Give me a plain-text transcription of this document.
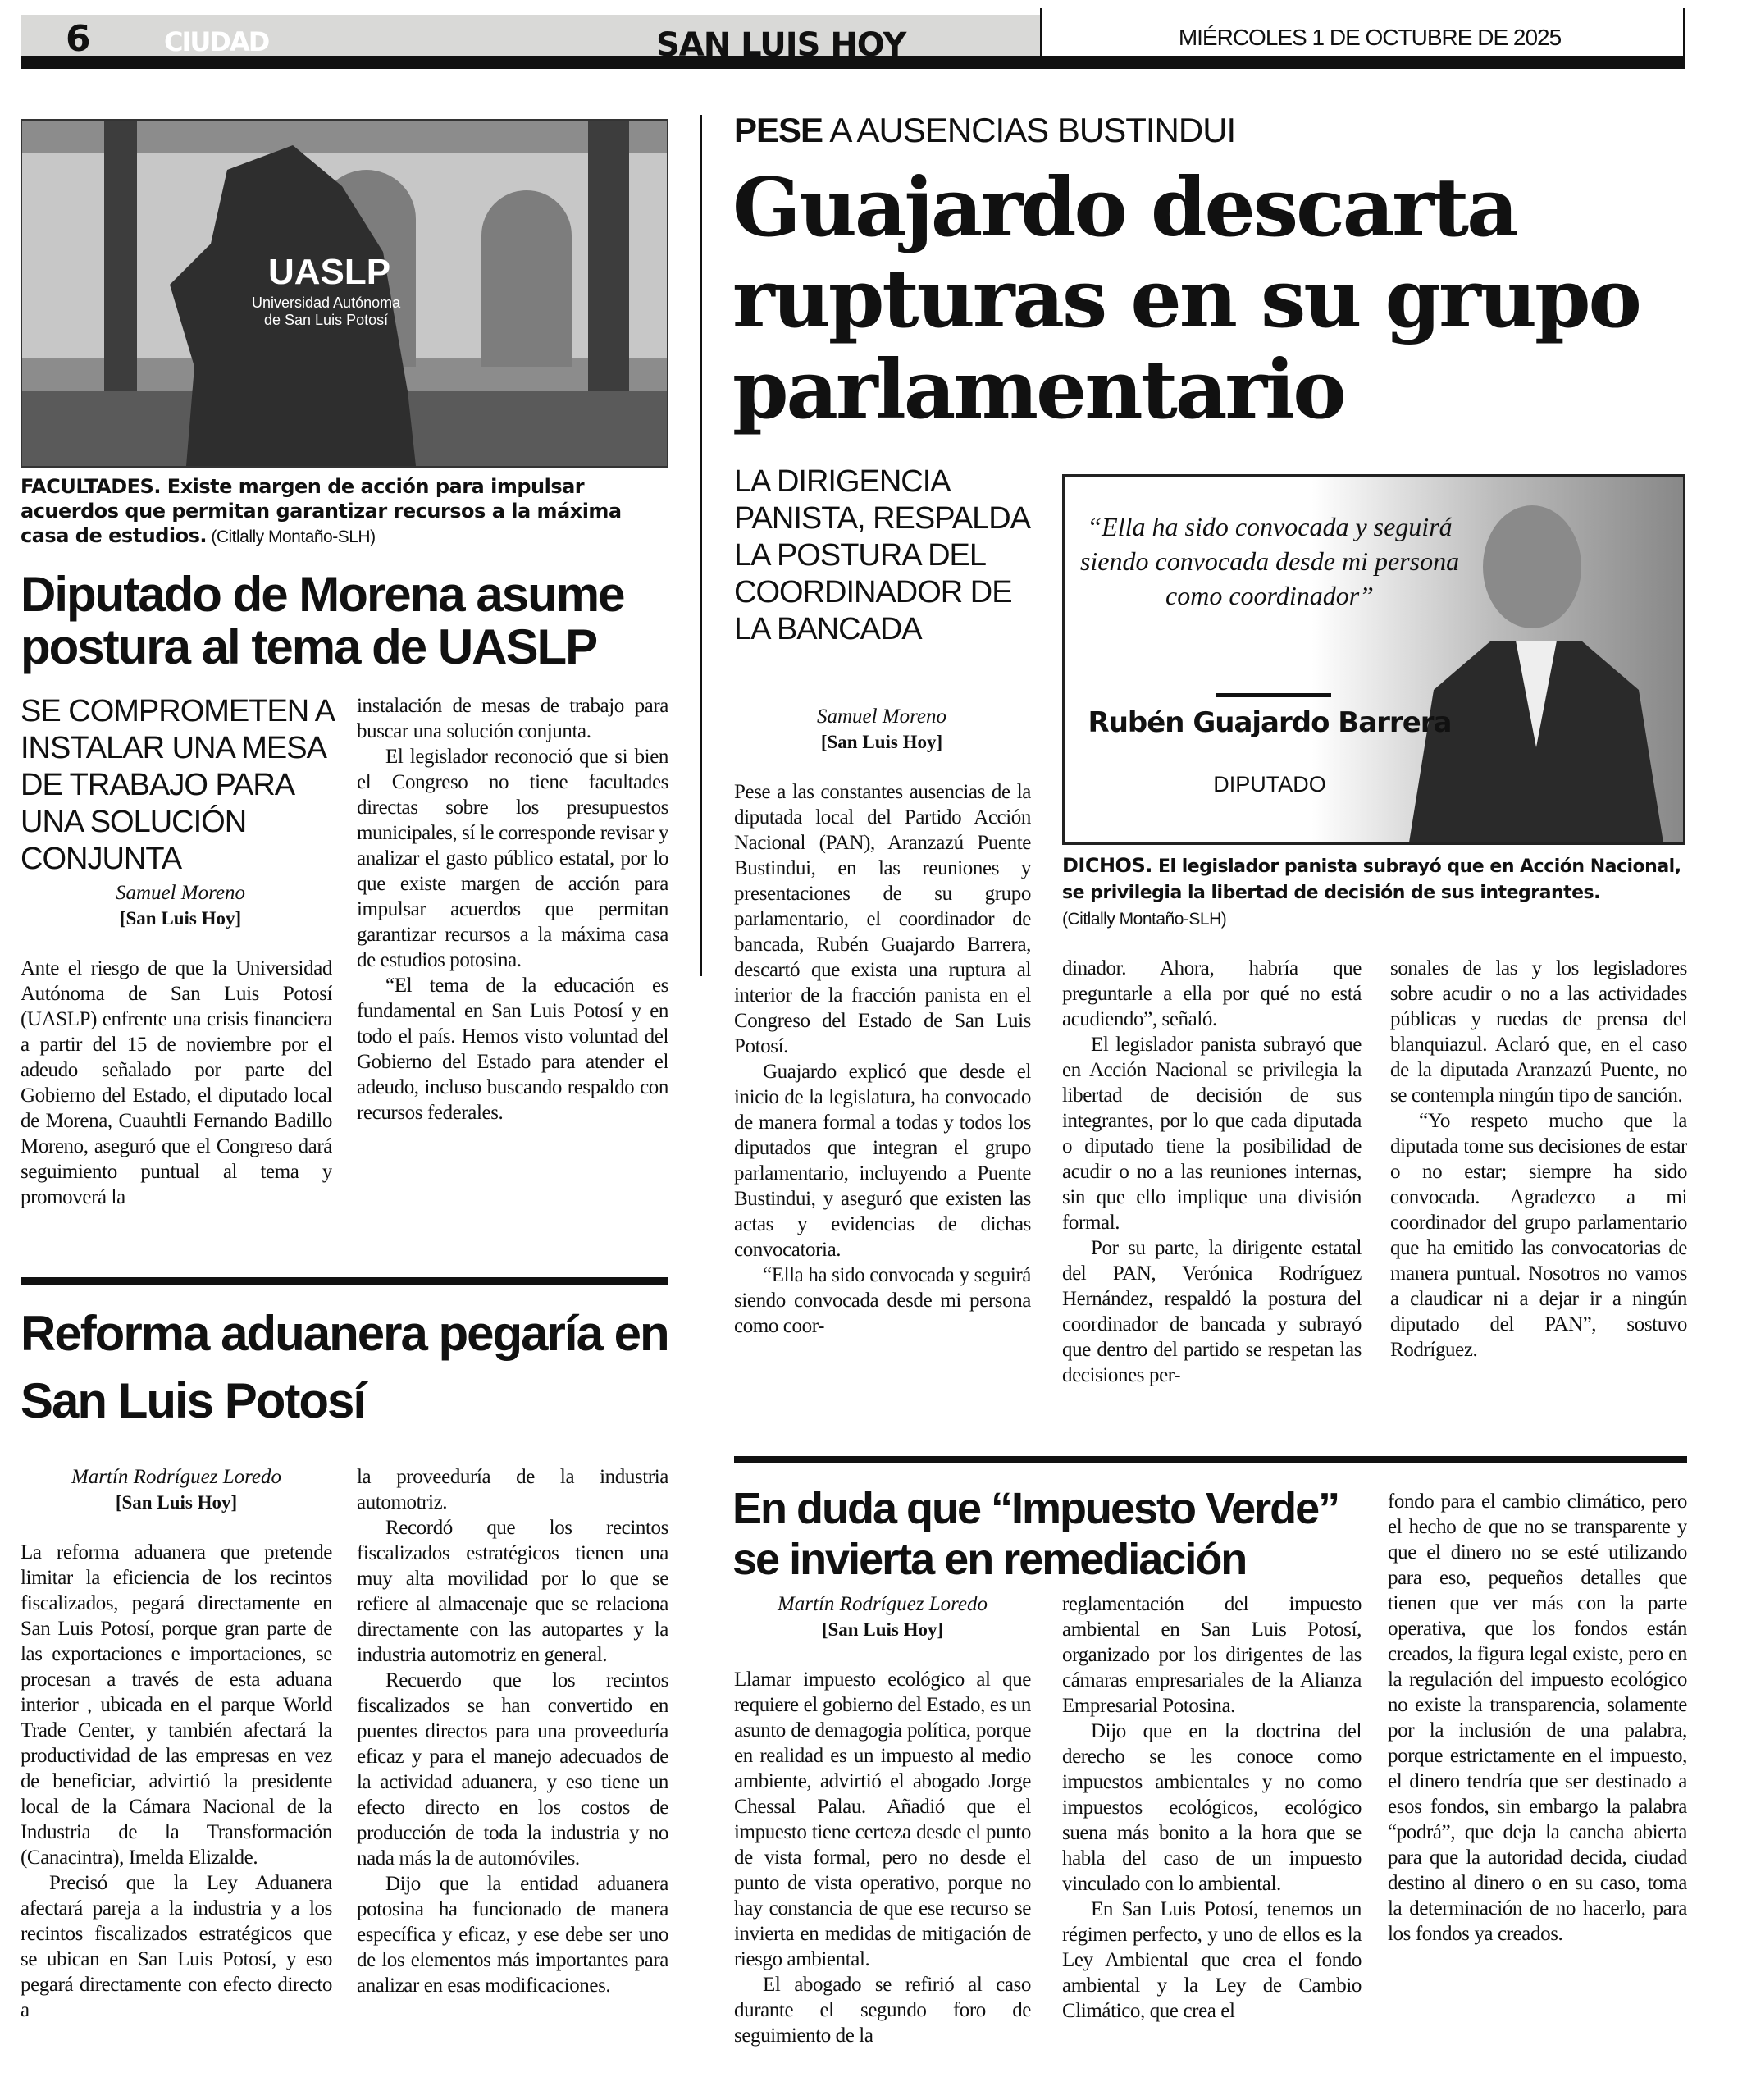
6	CIUDAD	SAN LUIS HOY	MIÉRCOLES 1 DE OCTUBRE DE 2025
UASLP
Universidad Autónoma
de San Luis Potosí
FACULTADES. Existe margen de acción para impulsar acuerdos que permitan garantizar recursos a la máxima casa de estudios. (Citlally Montaño-SLH)
Diputado de Morena asume postura al tema de UASLP
SE COMPROMETEN A INSTALAR UNA MESA DE TRABAJO PARA UNA SOLUCIÓN CONJUNTA
Samuel Moreno
[San Luis Hoy]

Ante el riesgo de que la Universidad Autónoma de San Luis Potosí (UASLP) enfrente una crisis financiera a partir del 15 de noviembre por el adeudo señalado por parte del Gobierno del Estado, el diputado local de Morena, Cuauhtli Fernando Badillo Moreno, aseguró que el Congreso dará seguimiento puntual al tema y promoverá la

instalación de mesas de trabajo para buscar una solución conjunta.

El legislador reconoció que si bien el Congreso no tiene facultades directas sobre los presupuestos municipales, sí le corresponde revisar y analizar el gasto público estatal, por lo que existe margen de acción para impulsar acuerdos que permitan garantizar recursos a la máxima casa de estudios potosina.

“El tema de la educación es fundamental en San Luis Potosí y en todo el país. Hemos visto voluntad del Gobierno del Estado para atender el adeudo, incluso buscando respaldo con recursos federales.

Reforma aduanera pegaría en San Luis Potosí
Martín Rodríguez Loredo
[San Luis Hoy]

La reforma aduanera que pretende limitar la eficiencia de los recintos fiscalizados, pegará directamente en San Luis Potosí, porque gran parte de las exportaciones e importaciones, se procesan a través de esta aduana interior , ubicada en el parque World Trade Center, y también afectará la productividad de las empresas en vez de beneficiar, advirtió la presidente local de la Cámara Nacional de la Industria de la Transformación (Canacintra), Imelda Elizalde.

Precisó que la Ley Aduanera afectará pareja a la industria y a los recintos fiscalizados estratégicos que se ubican en San Luis Potosí, y eso pegará directamente con efecto directo a

la proveeduría de la industria automotriz.

Recordó que los recintos fiscalizados estratégicos tienen una muy alta movilidad por lo que se refiere al almacenaje que se relaciona directamente con las autopartes y la industria automotriz en general.

Recuerdo que los recintos fiscalizados se han convertido en puentes directos para una proveeduría eficaz y para el manejo adecuados de la actividad aduanera, y eso tiene un efecto directo en los costos de producción de toda la industria y no nada más la de automóviles.

Dijo que la entidad aduanera potosina ha funcionado de manera específica y eficaz, y ese debe ser uno de los elementos más importantes para analizar en esas modificaciones.

PESE A AUSENCIAS BUSTINDUI
Guajardo descarta rupturas en su grupo parlamentario
LA DIRIGENCIA PANISTA, RESPALDA LA POSTURA DEL COORDINADOR DE LA BANCADA
Samuel Moreno
[San Luis Hoy]

Pese a las constantes ausencias de la diputada local del Partido Acción Nacional (PAN), Aranzazú Puente Bustindui, en las reuniones y presentaciones de su grupo parlamentario, el coordinador de bancada, Rubén Guajardo Barrera, descartó que exista una ruptura al interior de la fracción panista en el Congreso del Estado de San Luis Potosí.

Guajardo explicó que desde el inicio de la legislatura, ha convocado de manera formal a todas y todos los diputados que integran el grupo parlamentario, incluyendo a Puente Bustindui, y aseguró que existen las actas y evidencias de dichas convocatoria.

“Ella ha sido convocada y seguirá siendo convocada desde mi persona como coor-

“Ella ha sido convocada y seguirá siendo convocada desde mi persona como coordinador”
Rubén Guajardo Barrera
DIPUTADO
DICHOS. El legislador panista subrayó que en Acción Nacional, se privilegia la libertad de decisión de sus integrantes.
(Citlally Montaño-SLH)

dinador. Ahora, habría que preguntarle a ella por qué no está acudiendo”, señaló.

El legislador panista subrayó que en Acción Nacional se privilegia la libertad de decisión de sus integrantes, por lo que cada diputada o diputado tiene la posibilidad de acudir o no a las reuniones internas, sin que ello implique una división formal.

Por su parte, la dirigente estatal del PAN, Verónica Rodríguez Hernández, respaldó la postura del coordinador de bancada y subrayó que dentro del partido se respetan las decisiones per-

sonales de las y los legisladores sobre acudir o no a las actividades públicas y ruedas de prensa del blanquiazul. Aclaró que, en el caso de la diputada Aranzazú Puente, no se contempla ningún tipo de sanción.

“Yo respeto mucho que la diputada tome sus decisiones de estar o no estar; siempre ha sido convocada. Agradezco a mi coordinador del grupo parlamentario que ha emitido las convocatorias de manera puntual. Nosotros no vamos a claudicar ni a dejar ir a ningún diputado del PAN”, sostuvo Rodríguez.

En duda que “Impuesto Verde” se invierta en remediación
Martín Rodríguez Loredo
[San Luis Hoy]

Llamar impuesto ecológico al que requiere el gobierno del Estado, es un asunto de demagogia política, porque en realidad es un impuesto al medio ambiente, advirtió el abogado Jorge Chessal Palau. Añadió que el impuesto tiene certeza desde el punto de vista formal, pero no desde el punto de vista operativo, porque no hay constancia de que ese recurso se invierta en medidas de mitigación de riesgo ambiental.

El abogado se refirió al caso durante el segundo foro de seguimiento de la

reglamentación del impuesto ambiental en San Luis Potosí, organizado por los dirigentes de las cámaras empresariales de la Alianza Empresarial Potosina.

Dijo que en la doctrina del derecho se les conoce como impuestos ambientales y no como impuestos ecológicos, ecológico suena más bonito a la hora que se habla del caso de un impuesto vinculado con lo ambiental.

En San Luis Potosí, tenemos un régimen perfecto, y uno de ellos es la Ley Ambiental que crea el fondo ambiental y la Ley de Cambio Climático, que crea el

fondo para el cambio climático, pero el hecho de que no se transparente y que el dinero no se esté utilizando para eso, pequeños detalles que tienen que ver más con la parte operativa, que los fondos están creados, la figura legal existe, pero en la regulación del impuesto ecológico no existe la transparencia, solamente por la inclusión de una palabra, porque estrictamente en el impuesto, el dinero tendría que ser destinado a esos fondos, sin embargo la palabra “podrá”, que deja la cancha abierta para que la autoridad decida, ciudad destino al dinero o en su caso, toma la determinación de no hacerlo, para los fondos ya creados.
